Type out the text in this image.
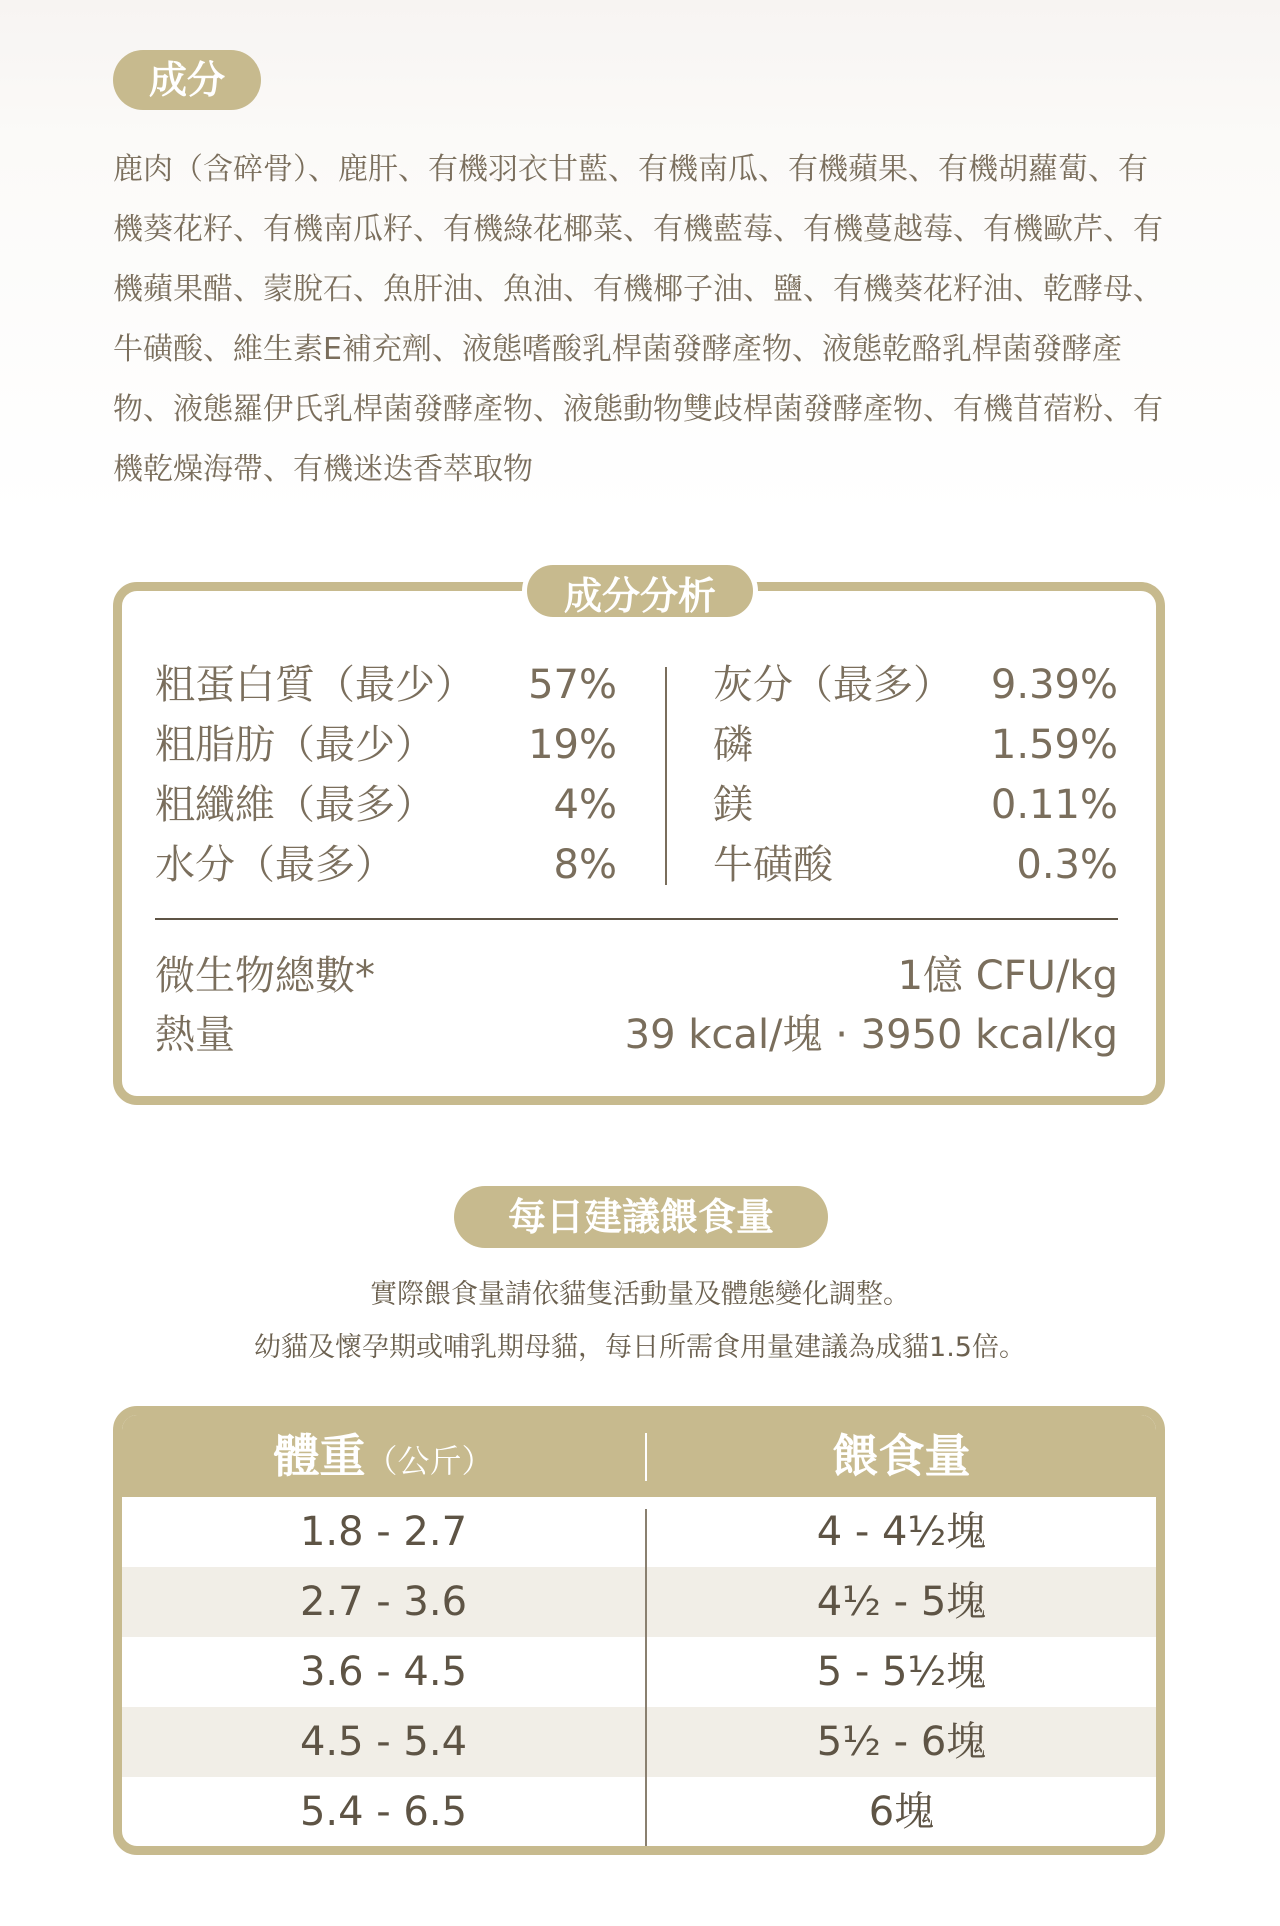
成分

鹿肉（含碎骨）、鹿肝、有機羽衣甘藍、有機南瓜、有機蘋果、有機胡蘿蔔、有機葵花籽、有機南瓜籽、有機綠花椰菜、有機藍莓、有機蔓越莓、有機歐芹、有機蘋果醋、蒙脫石、魚肝油、魚油、有機椰子油、鹽、有機葵花籽油、乾酵母、牛磺酸、維生素E補充劑、液態嗜酸乳桿菌發酵產物、液態乾酪乳桿菌發酵產物、液態羅伊氏乳桿菌發酵產物、液態動物雙歧桿菌發酵產物、有機苜蓿粉、有機乾燥海帶、有機迷迭香萃取物

成分分析
粗蛋白質（最少） 57%
粗脂肪（最少） 19%
粗纖維（最多）	4%
水分（最多）	8%
灰分（最多） 9.39%
磷	1.59%
鎂	0.11%
牛磺酸	0.3%
微生物總數*	1億 CFU/kg
熱量	39 kcal/塊 · 3950 kcal/kg
每日建議餵食量
實際餵食量請依貓隻活動量及體態變化調整。
幼貓及懷孕期或哺乳期母貓，每日所需食用量建議為成貓1.5倍。
體重（公斤）	餵食量
1.8 - 2.7	4 - 4½塊
2.7 - 3.6	4½ - 5塊
3.6 - 4.5	5 - 5½塊
4.5 - 5.4	5½ - 6塊
5.4 - 6.5	6塊
